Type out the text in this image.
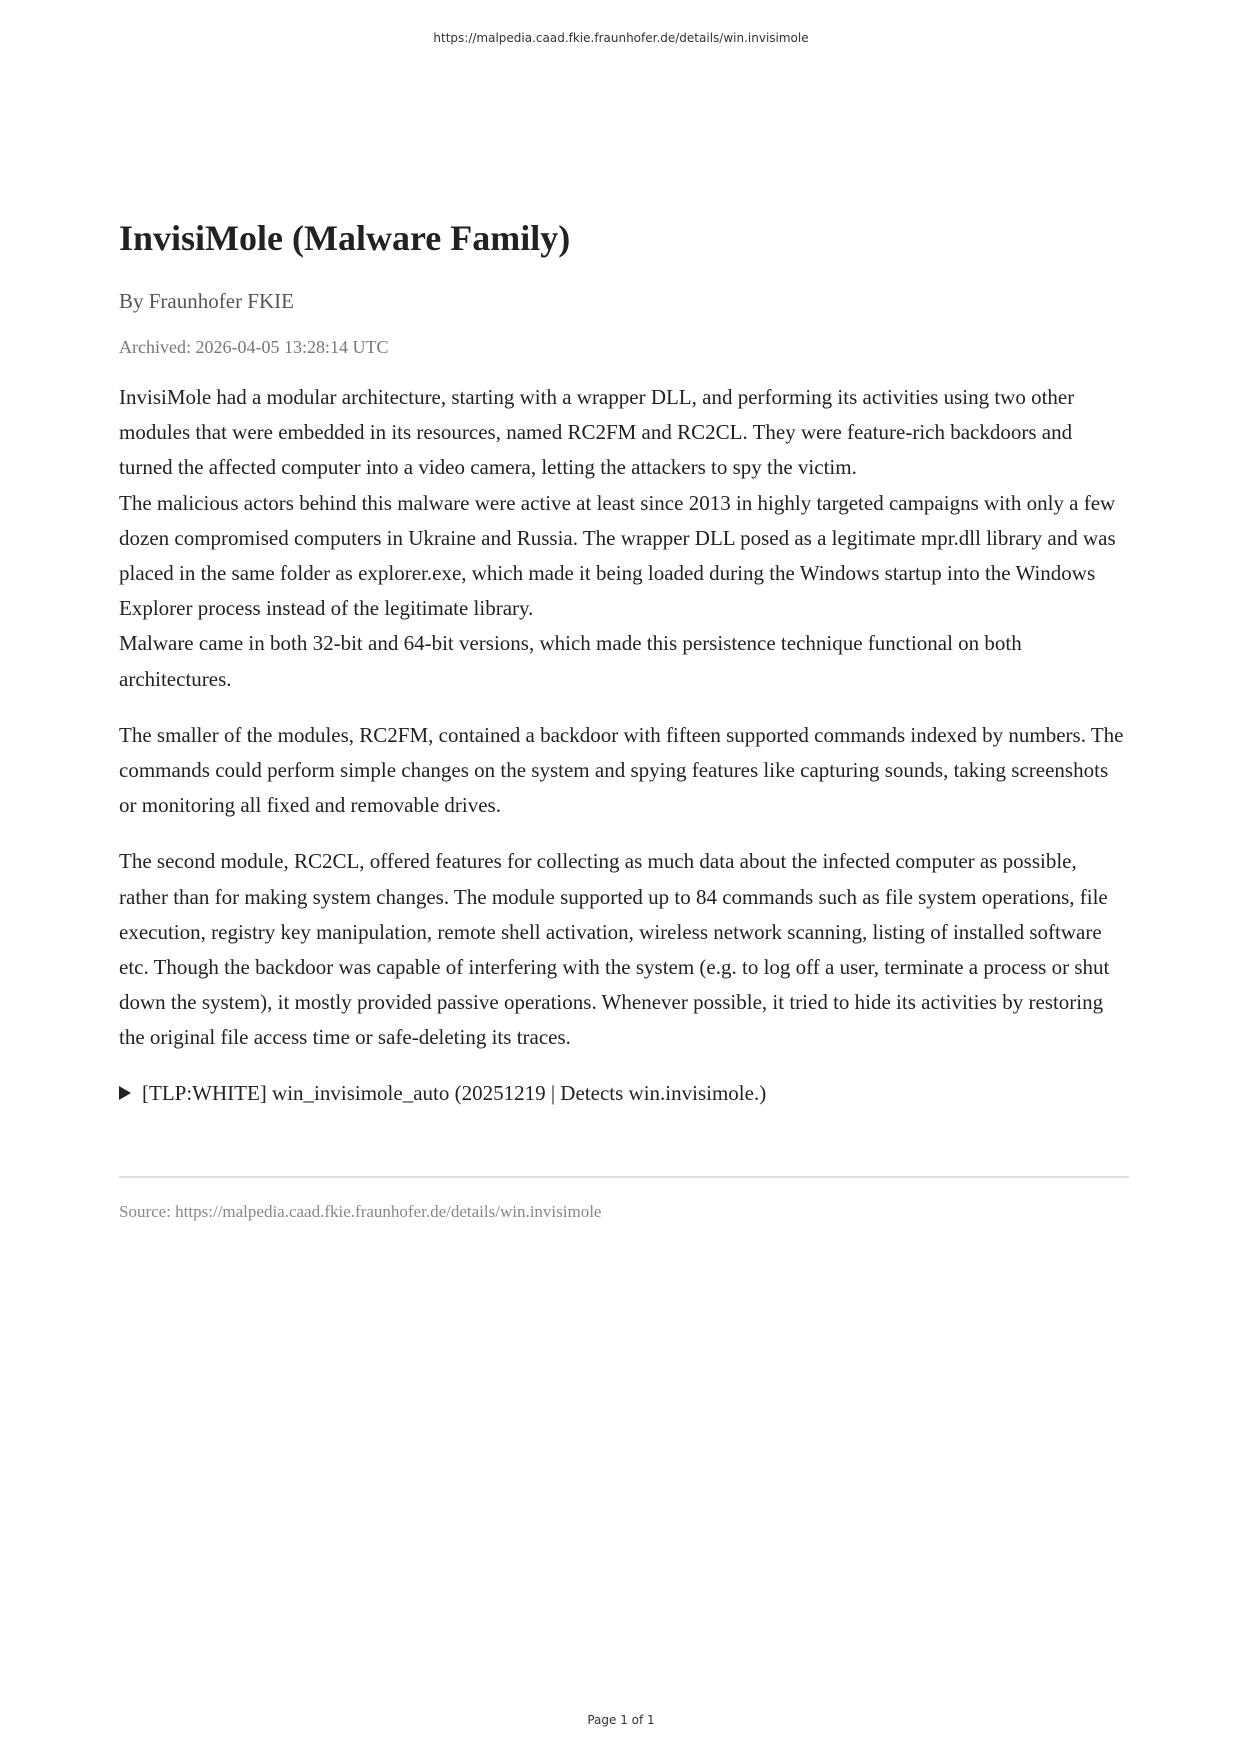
https://malpedia.caad.fkie.fraunhofer.de/details/win.invisimole
InvisiMole (Malware Family)
By Fraunhofer FKIE
Archived: 2026-04-05 13:28:14 UTC

InvisiMole had a modular architecture, starting with a wrapper DLL, and performing its activities using two other modules that were embedded in its resources, named RC2FM and RC2CL. They were feature-rich backdoors and turned the affected computer into a video camera, letting the attackers to spy the victim.
The malicious actors behind this malware were active at least since 2013 in highly targeted campaigns with only a few dozen compromised computers in Ukraine and Russia. The wrapper DLL posed as a legitimate mpr.dll library and was placed in the same folder as explorer.exe, which made it being loaded during the Windows startup into the Windows Explorer process instead of the legitimate library.
Malware came in both 32-bit and 64-bit versions, which made this persistence technique functional on both architectures.

The smaller of the modules, RC2FM, contained a backdoor with fifteen supported commands indexed by numbers. The commands could perform simple changes on the system and spying features like capturing sounds, taking screenshots or monitoring all fixed and removable drives.

The second module, RC2CL, offered features for collecting as much data about the infected computer as possible, rather than for making system changes. The module supported up to 84 commands such as file system operations, file execution, registry key manipulation, remote shell activation, wireless network scanning, listing of installed software etc. Though the backdoor was capable of interfering with the system (e.g. to log off a user, terminate a process or shut down the system), it mostly provided passive operations. Whenever possible, it tried to hide its activities by restoring the original file access time or safe-deleting its traces.

[TLP:WHITE] win_invisimole_auto (20251219 | Detects win.invisimole.)
Source: https://malpedia.caad.fkie.fraunhofer.de/details/win.invisimole
Page 1 of 1
